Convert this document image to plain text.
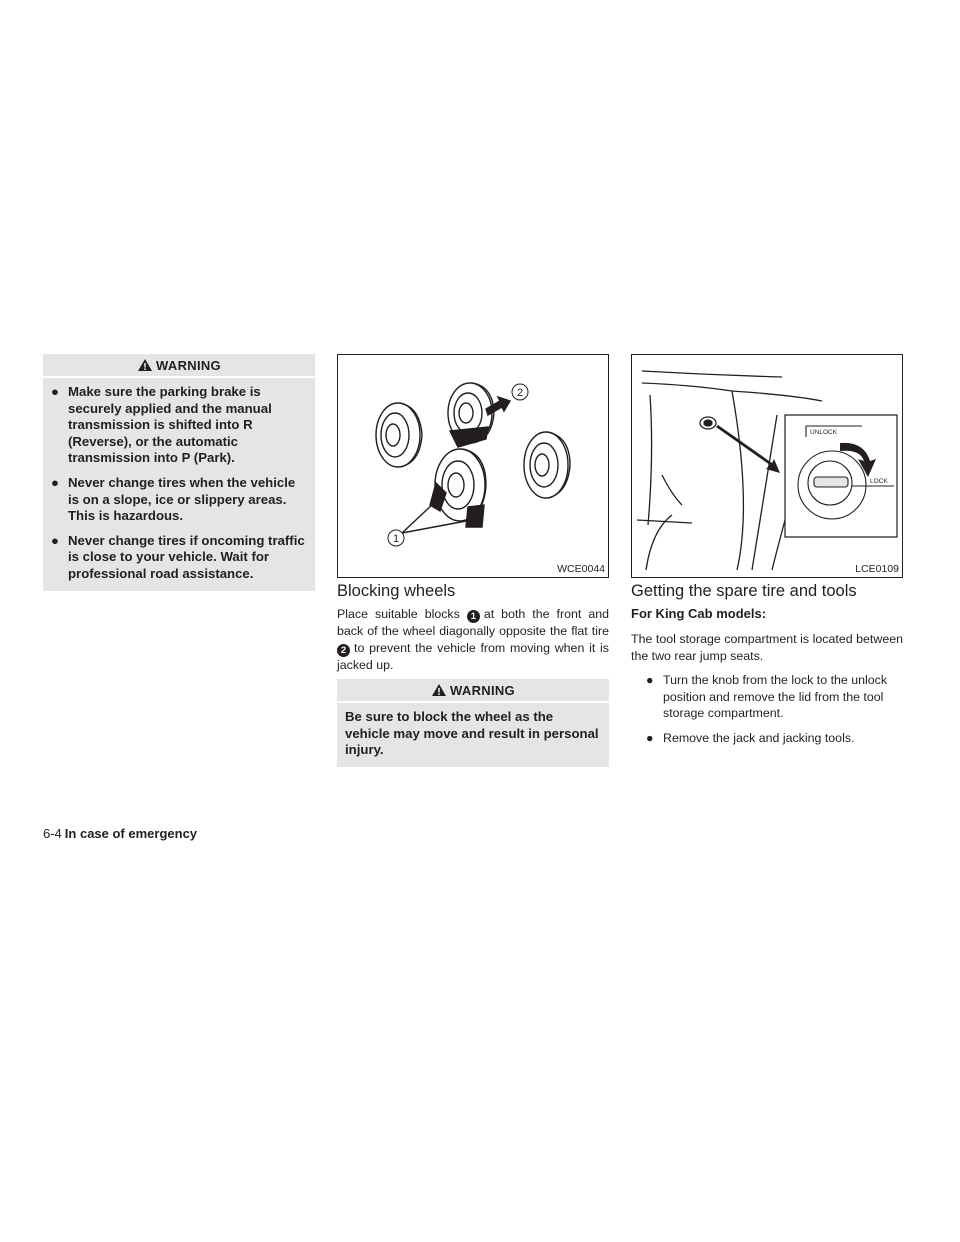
WARNING
● Make sure the parking brake is securely applied and the manual transmission is shifted into R (Reverse), or the automatic transmission into P (Park).
● Never change tires when the vehicle is on a slope, ice or slippery areas. This is hazardous.
● Never change tires if oncoming traffic is close to your vehicle. Wait for professional road assistance.
1
2
WCE0044
Blocking wheels
Place suitable blocks 1 at both the front and back of the wheel diagonally opposite the flat tire 2 to prevent the vehicle from moving when it is jacked up.
WARNING

Be sure to block the wheel as the vehicle may move and result in personal injury.

UNLOCK
LOCK
LCE0109
Getting the spare tire and tools
For King Cab models:
The tool storage compartment is located between the two rear jump seats.
● Turn the knob from the lock to the unlock position and remove the lid from the tool storage compartment.
● Remove the jack and jacking tools.
6-4 In case of emergency
